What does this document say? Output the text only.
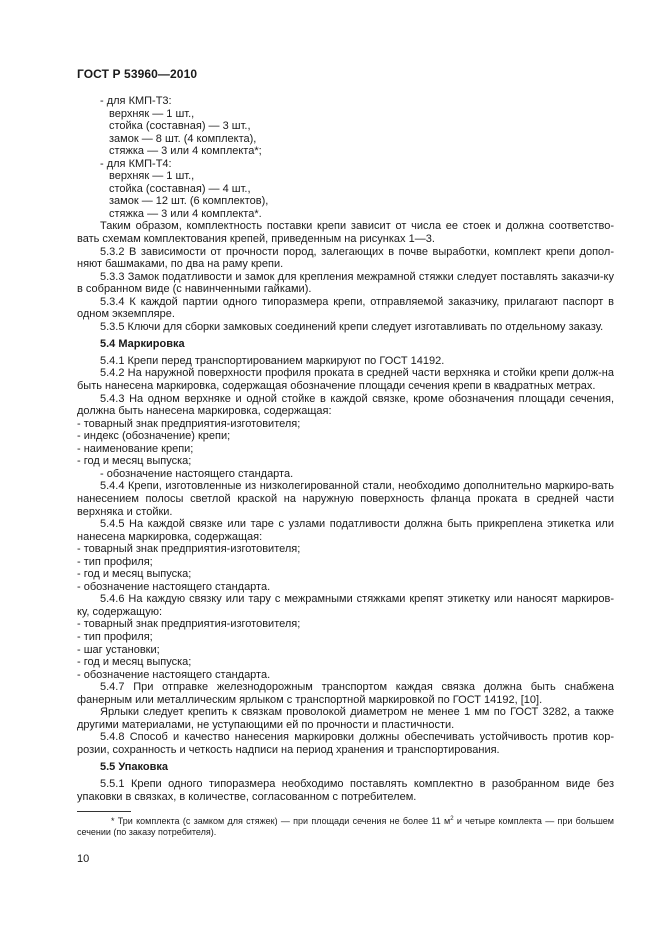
ГОСТ Р 53960—2010

- для КМП-Т3:

верхняк — 1 шт.,

стойка (составная) — 3 шт.,

замок — 8 шт. (4 комплекта),

стяжка — 3 или 4 комплекта*;

- для КМП-Т4:

верхняк — 1 шт.,

стойка (составная) — 4 шт.,

замок — 12 шт. (6 комплектов),

стяжка — 3 или 4 комплекта*.

Таким образом, комплектность поставки крепи зависит от числа ее стоек и должна соответство-вать схемам комплектования крепей, приведенным на рисунках 1—3.

5.3.2 В зависимости от прочности пород, залегающих в почве выработки, комплект крепи допол-няют башмаками, по два на раму крепи.

5.3.3 Замок податливости и замок для крепления межрамной стяжки следует поставлять заказчи-ку в собранном виде (с навинченными гайками).

5.3.4 К каждой партии одного типоразмера крепи, отправляемой заказчику, прилагают паспорт в одном экземпляре.

5.3.5 Ключи для сборки замковых соединений крепи следует изготавливать по отдельному заказу.

5.4 Маркировка

5.4.1 Крепи перед транспортированием маркируют по ГОСТ 14192.

5.4.2 На наружной поверхности профиля проката в средней части верхняка и стойки крепи долж-на быть нанесена маркировка, содержащая обозначение площади сечения крепи в квадратных метрах.

5.4.3 На одном верхняке и одной стойке в каждой связке, кроме обозначения площади сечения, должна быть нанесена маркировка, содержащая:

- товарный знак предприятия-изготовителя;

- индекс (обозначение) крепи;

- наименование крепи;

- год и месяц выпуска;

- обозначение настоящего стандарта.

5.4.4 Крепи, изготовленные из низколегированной стали, необходимо дополнительно маркиро-вать нанесением полосы светлой краской на наружную поверхность фланца проката в средней части верхняка и стойки.

5.4.5 На каждой связке или таре с узлами податливости должна быть прикреплена этикетка или нанесена маркировка, содержащая:

- товарный знак предприятия-изготовителя;

- тип профиля;

- год и месяц выпуска;

- обозначение настоящего стандарта.

5.4.6 На каждую связку или тару с межрамными стяжками крепят этикетку или наносят маркиров-ку, содержащую:

- товарный знак предприятия-изготовителя;

- тип профиля;

- шаг установки;

- год и месяц выпуска;

- обозначение настоящего стандарта.

5.4.7 При отправке железнодорожным транспортом каждая связка должна быть снабжена фанерным или металлическим ярлыком с транспортной маркировкой по ГОСТ 14192, [10].

Ярлыки следует крепить к связкам проволокой диаметром не менее 1 мм по ГОСТ 3282, а также другими материалами, не уступающими ей по прочности и пластичности.

5.4.8 Способ и качество нанесения маркировки должны обеспечивать устойчивость против кор-розии, сохранность и четкость надписи на период хранения и транспортирования.

5.5 Упаковка

5.5.1 Крепи одного типоразмера необходимо поставлять комплектно в разобранном виде без упаковки в связках, в количестве, согласованном с потребителем.

* Три комплекта (с замком для стяжек) — при площади сечения не более 11 $м^2$ и четыре комплекта — при большем сечении (по заказу потребителя).
10
